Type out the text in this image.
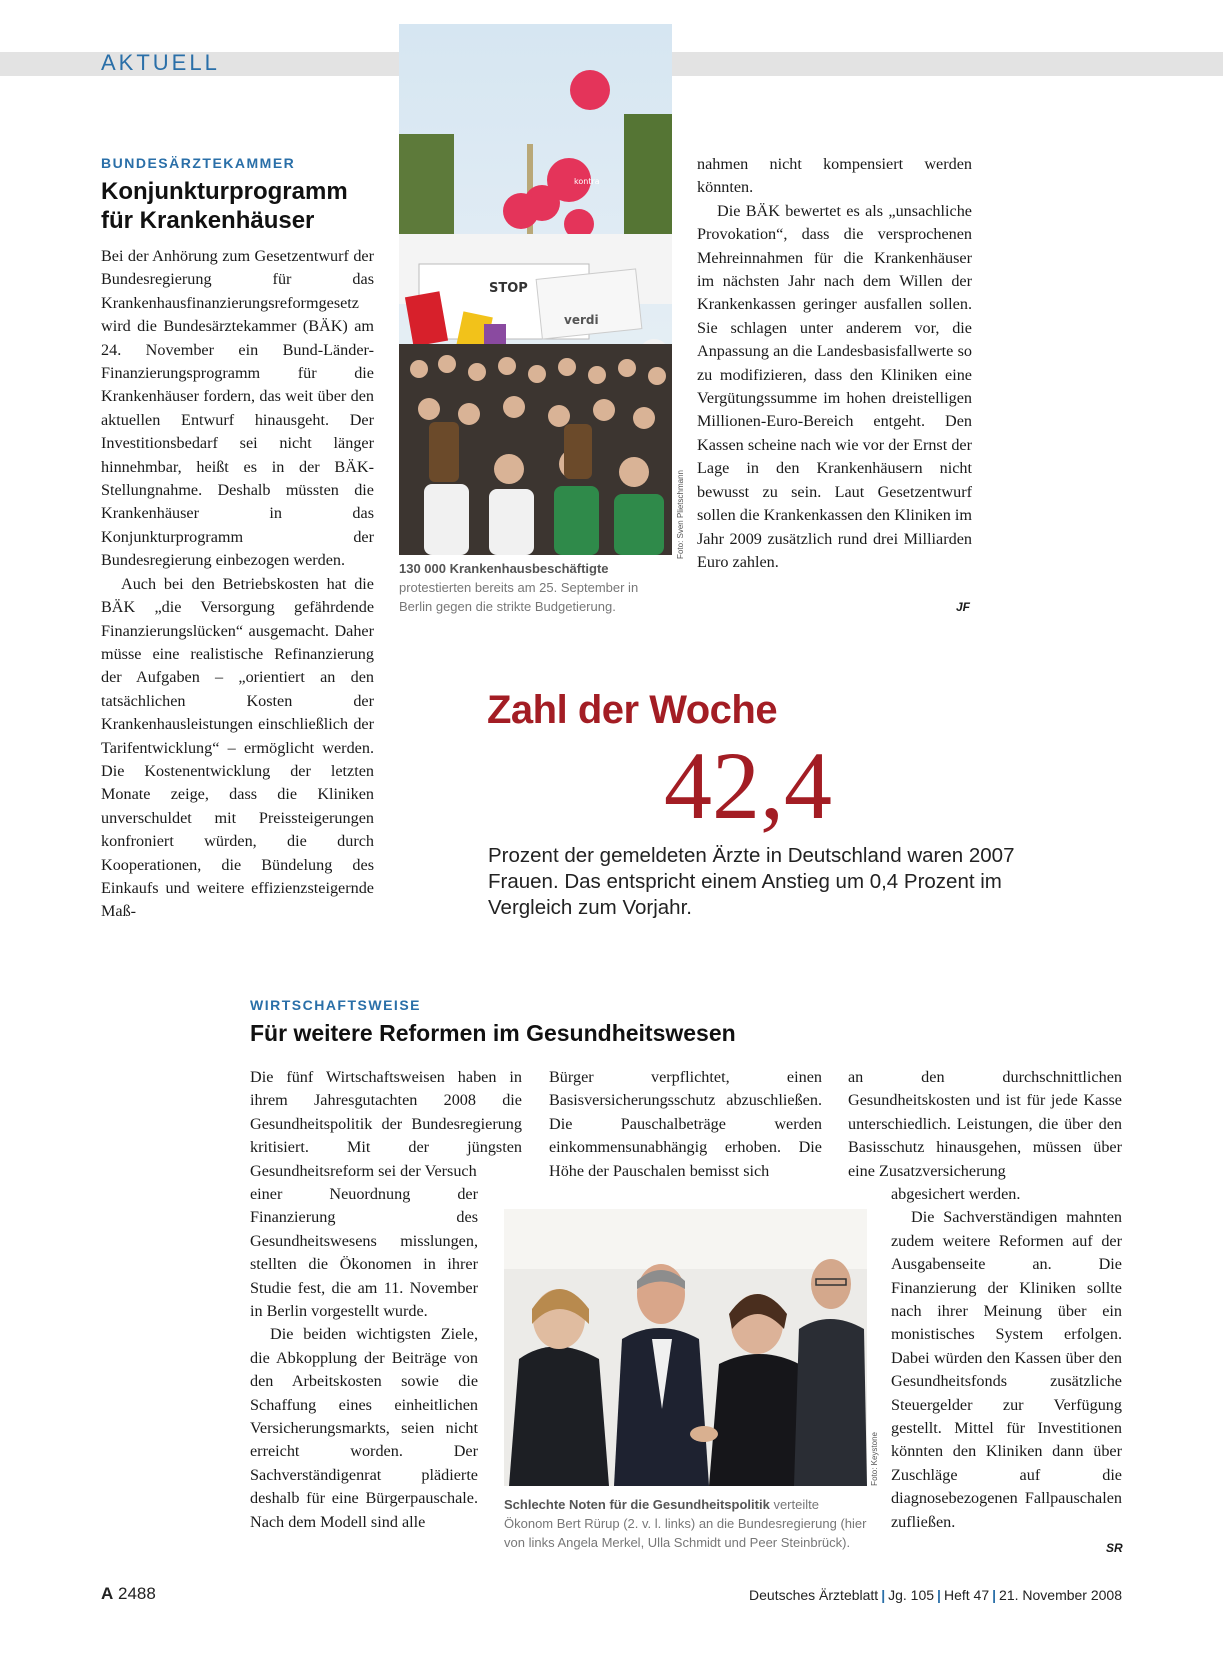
AKTUELL
BUNDESÄRZTEKAMMER
Konjunkturprogramm
für Krankenhäuser

Bei der Anhörung zum Gesetzentwurf der Bundesregierung für das Krankenhausfinanzierungsreformgesetz wird die Bundesärztekammer (BÄK) am 24. November ein Bund-Länder-Finanzierungsprogramm für die Krankenhäuser fordern, das weit über den aktuellen Entwurf hinausgeht. Der Investitionsbedarf sei nicht länger hinnehmbar, heißt es in der BÄK-Stellungnahme. Deshalb müssten die Krankenhäuser in das Konjunkturprogramm der Bundesregierung einbezogen werden.

Auch bei den Betriebskosten hat die BÄK „die Versorgung gefährdende Finanzierungslücken“ ausgemacht. Daher müsse eine realistische Refinanzierung der Aufgaben – „orientiert an den tatsächlichen Kosten der Krankenhausleistungen einschließlich der Tarifentwicklung“ – ermöglicht werden. Die Kostenentwicklung der letzten Monate zeige, dass die Kliniken unverschuldet mit Preissteigerungen konfroniert würden, die durch Kooperationen, die Bündelung des Einkaufs und weitere effizienzsteigernde Maß-

kontra
STOP
verdi
Foto: Sven Plietschmann
130 000 Krankenhausbeschäftigte protestierten bereits am 25. September in Berlin gegen die strikte Budgetierung.

nahmen nicht kompensiert werden könnten.

Die BÄK bewertet es als „unsachliche Provokation“, dass die versprochenen Mehreinnahmen für die Krankenhäuser im nächsten Jahr nach dem Willen der Krankenkassen geringer ausfallen sollen. Sie schlagen unter anderem vor, die Anpassung an die Landesbasisfallwerte so zu modifizieren, dass den Kliniken eine Vergütungssumme im hohen dreistelligen Millionen-Euro-Bereich entgeht. Den Kassen scheine nach wie vor der Ernst der Lage in den Krankenhäusern nicht bewusst zu sein. Laut Gesetzentwurf sollen die Krankenkassen den Kliniken im Jahr 2009 zusätzlich rund drei Milliarden Euro zahlen.

JF
Zahl der Woche
42,4
Prozent der gemeldeten Ärzte in Deutschland waren 2007 Frauen. Das entspricht einem Anstieg um 0,4 Prozent im Vergleich zum Vorjahr.
WIRTSCHAFTSWEISE
Für weitere Reformen im Gesundheitswesen

Die fünf Wirtschaftsweisen haben in ihrem Jahresgutachten 2008 die Gesundheitspolitik der Bundesregierung kritisiert. Mit der jüngsten Gesundheitsreform sei der Versuch

einer Neuordnung der Finanzierung des Gesundheitswesens misslungen, stellten die Ökonomen in ihrer Studie fest, die am 11. November in Berlin vorgestellt wurde.

Die beiden wichtigsten Ziele, die Abkopplung der Beiträge von den Arbeitskosten sowie die Schaffung eines einheitlichen Versicherungsmarkts, seien nicht erreicht worden. Der Sachverständigenrat plädierte deshalb für eine Bürgerpauschale. Nach dem Modell sind alle

Bürger verpflichtet, einen Basisversicherungsschutz abzuschließen. Die Pauschalbeträge werden einkommensunabhängig erhoben. Die Höhe der Pauschalen bemisst sich

an den durchschnittlichen Gesundheitskosten und ist für jede Kasse unterschiedlich. Leistungen, die über den Basisschutz hinausgehen, müssen über eine Zusatzversicherung

abgesichert werden.

Die Sachverständigen mahnten zudem weitere Reformen auf der Ausgabenseite an. Die Finanzierung der Kliniken sollte nach ihrer Meinung über ein monistisches System erfolgen. Dabei würden den Kassen über den Gesundheitsfonds zusätzliche Steuergelder zur Verfügung gestellt. Mittel für Investitionen könnten den Kliniken dann über Zuschläge auf die diagnosebezogenen Fallpauschalen zufließen.

SR
Foto: Keystone
Schlechte Noten für die Gesundheitspolitik verteilte Ökonom Bert Rürup (2. v. l. links) an die Bundesregierung (hier von links Angela Merkel, Ulla Schmidt und Peer Steinbrück).
A 2488	Deutsches Ärzteblatt | Jg. 105 | Heft 47 | 21. November 2008
